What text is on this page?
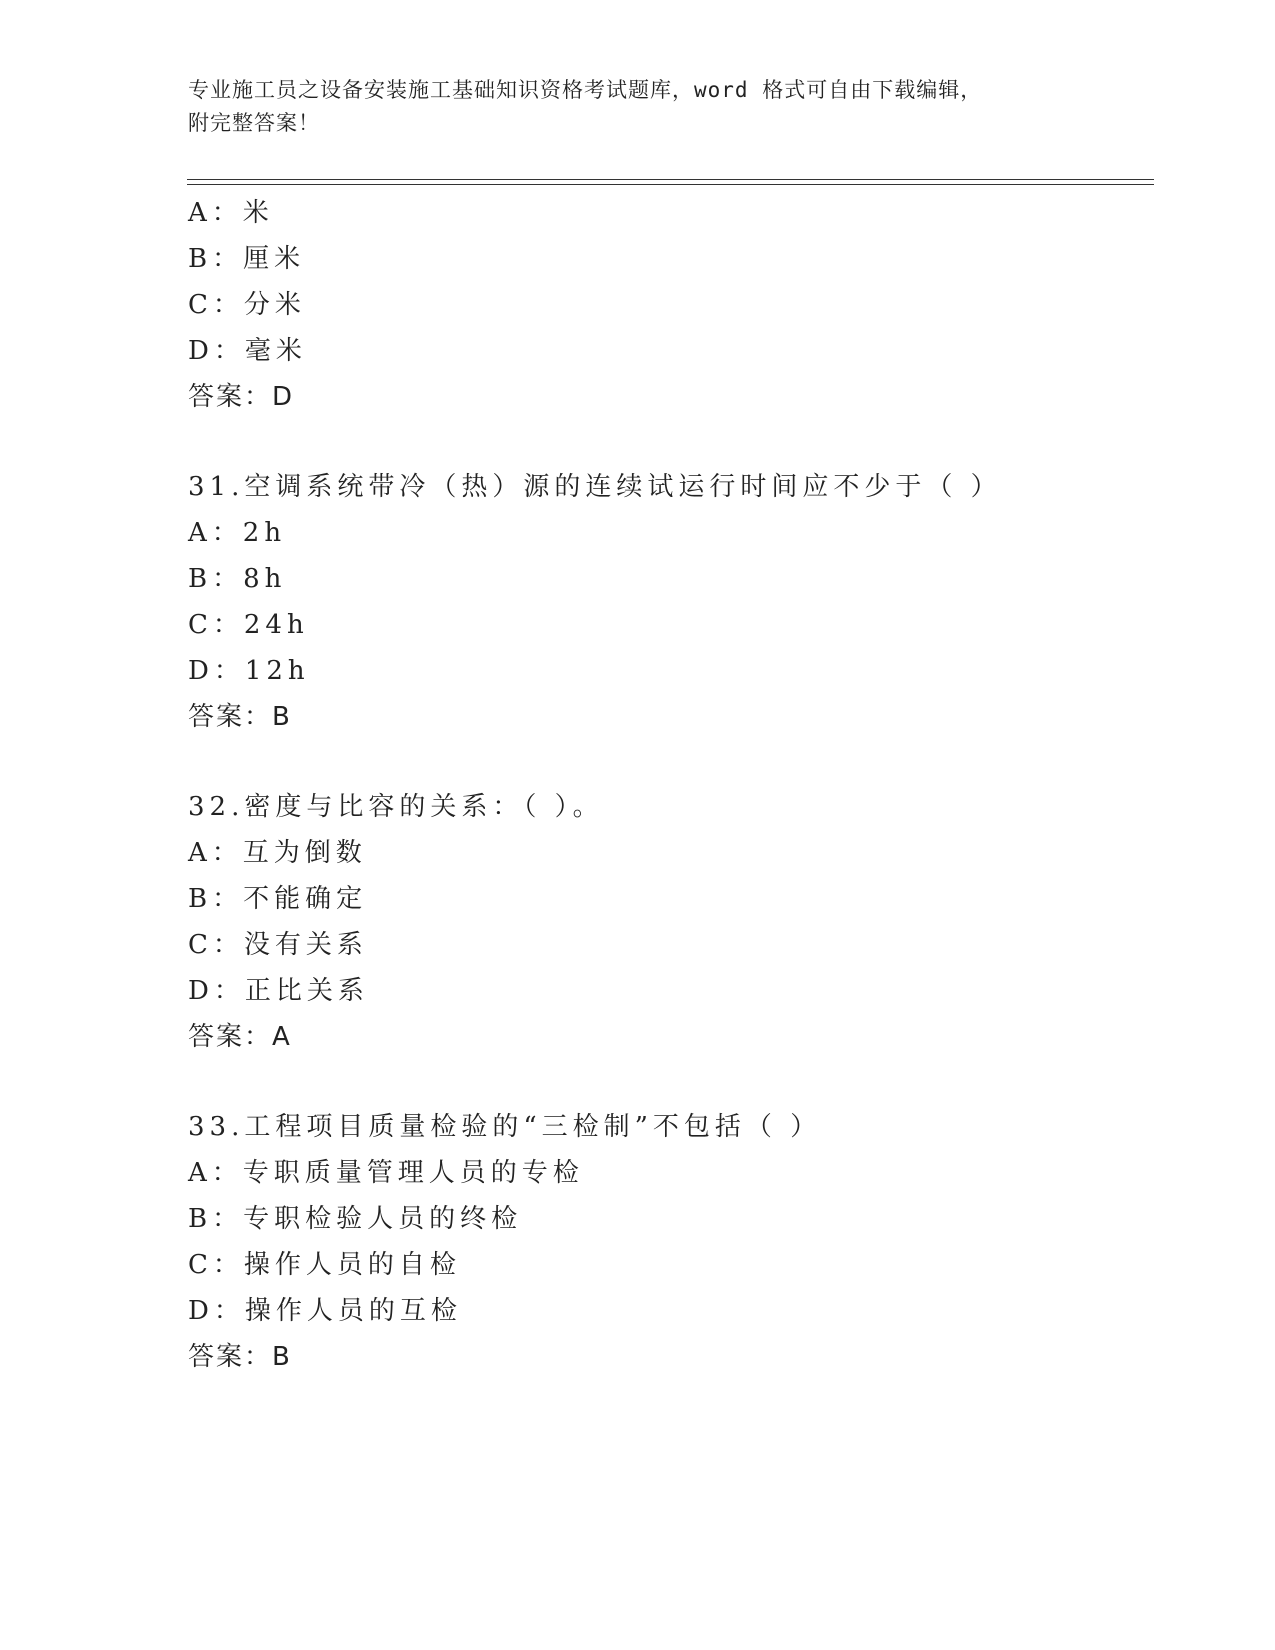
专业施工员之设备安装施工基础知识资格考试题库，word 格式可自由下载编辑，
附完整答案！
A：米
B：厘米
C：分米
D：毫米
答案：D
31.空调系统带冷（热）源的连续试运行时间应不少于（ ）
A：2h
B：8h
C：24h
D：12h
答案：B
32.密度与比容的关系：（ ）。
A：互为倒数
B：不能确定
C：没有关系
D：正比关系
答案：A
33.工程项目质量检验的“三检制”不包括（ ）
A：专职质量管理人员的专检
B：专职检验人员的终检
C：操作人员的自检
D：操作人员的互检
答案：B
